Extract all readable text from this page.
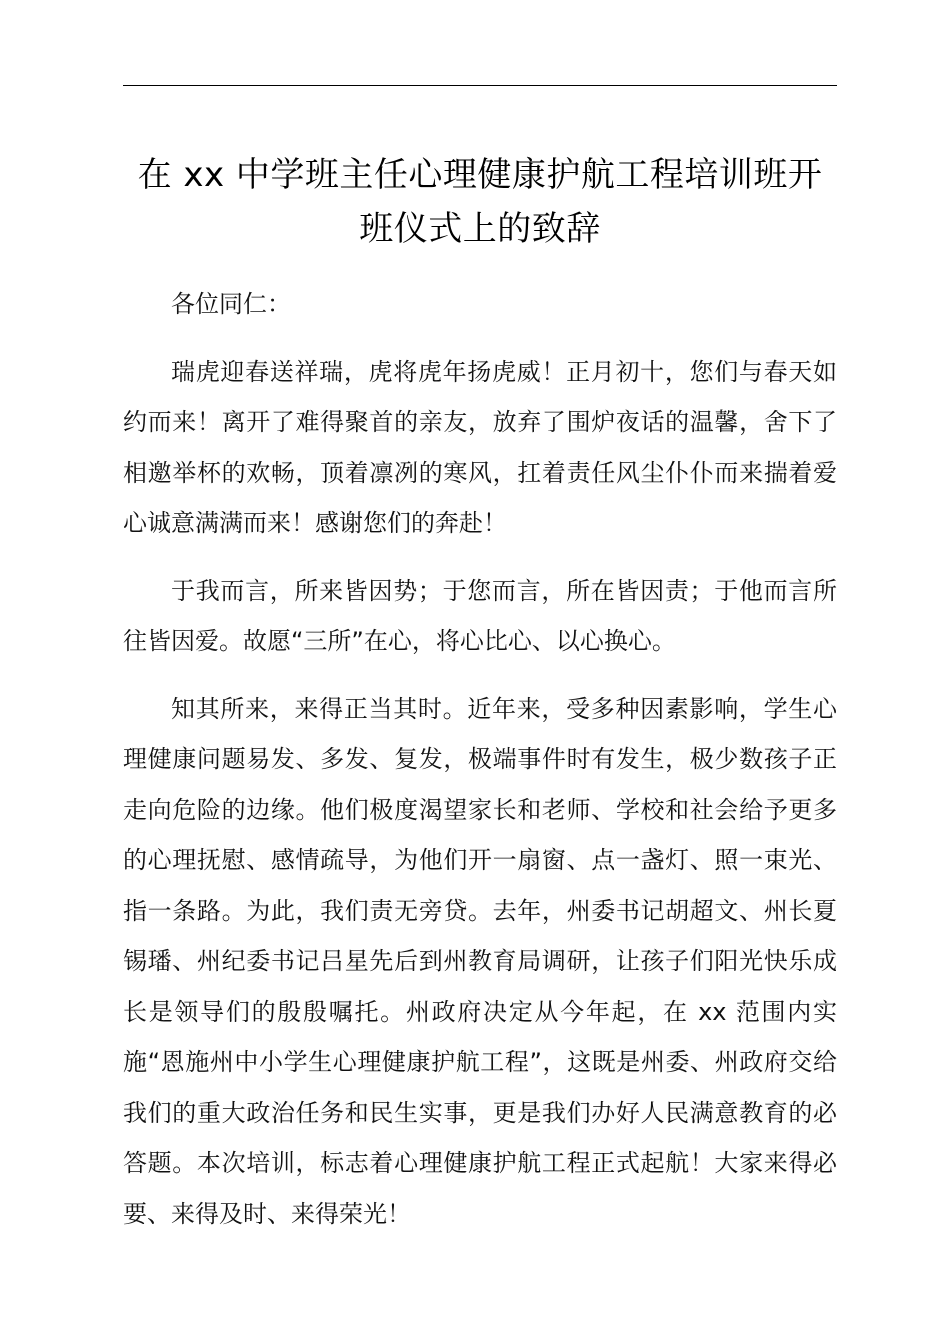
在 xx 中学班主任心理健康护航工程培训班开班仪式上的致辞

各位同仁：

瑞虎迎春送祥瑞，虎将虎年扬虎威！正月初十，您们与春天如约而来！离开了难得聚首的亲友，放弃了围炉夜话的温馨，舍下了相邀举杯的欢畅，顶着凛冽的寒风，扛着责任风尘仆仆而来揣着爱心诚意满满而来！感谢您们的奔赴！

于我而言，所来皆因势；于您而言，所在皆因责；于他而言所往皆因爱。故愿“三所”在心，将心比心、以心换心。

知其所来，来得正当其时。近年来，受多种因素影响，学生心理健康问题易发、多发、复发，极端事件时有发生，极少数孩子正走向危险的边缘。他们极度渴望家长和老师、学校和社会给予更多的心理抚慰、感情疏导，为他们开一扇窗、点一盏灯、照一束光、指一条路。为此，我们责无旁贷。去年，州委书记胡超文、州长夏锡璠、州纪委书记吕星先后到州教育局调研，让孩子们阳光快乐成长是领导们的殷殷嘱托。州政府决定从今年起，在 xx 范围内实施“恩施州中小学生心理健康护航工程”，这既是州委、州政府交给我们的重大政治任务和民生实事，更是我们办好人民满意教育的必答题。本次培训，标志着心理健康护航工程正式起航！大家来得必要、来得及时、来得荣光！
